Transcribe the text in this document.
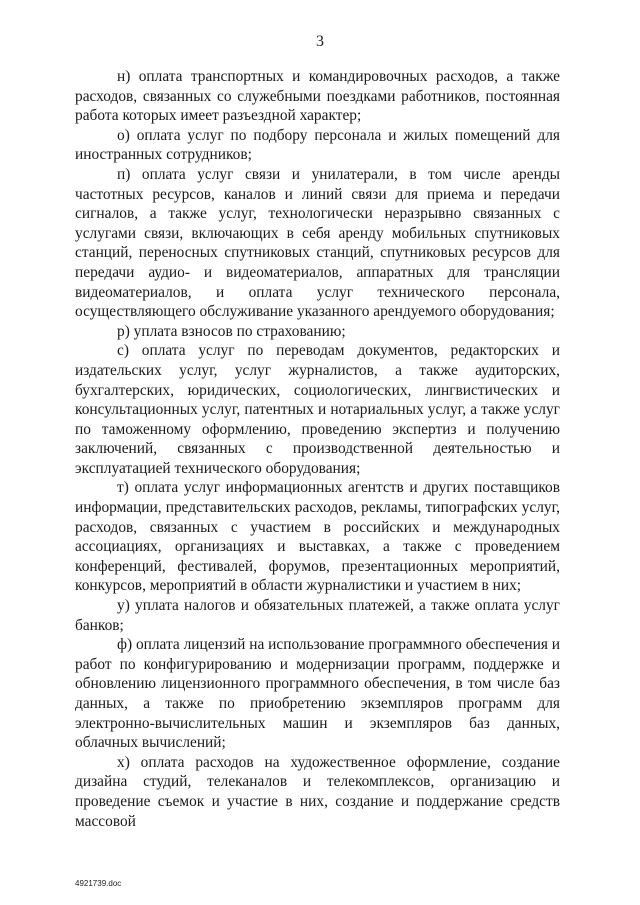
3

н) оплата транспортных и командировочных расходов, а также расходов, связанных со служебными поездками работников, постоянная работа которых имеет разъездной характер;

о) оплата услуг по подбору персонала и жилых помещений для иностранных сотрудников;

п) оплата услуг связи и унилатерали, в том числе аренды частотных ресурсов, каналов и линий связи для приема и передачи сигналов, а также услуг, технологически неразрывно связанных с услугами связи, включающих в себя аренду мобильных спутниковых станций, переносных спутниковых станций, спутниковых ресурсов для передачи аудио- и видеоматериалов, аппаратных для трансляции видеоматериалов, и оплата услуг технического персонала, осуществляющего обслуживание указанного арендуемого оборудования;

р) уплата взносов по страхованию;

с) оплата услуг по переводам документов, редакторских и издательских услуг, услуг журналистов, а также аудиторских, бухгалтерских, юридических, социологических, лингвистических и консультационных услуг, патентных и нотариальных услуг, а также услуг по таможенному оформлению, проведению экспертиз и получению заключений, связанных с производственной деятельностью и эксплуатацией технического оборудования;

т) оплата услуг информационных агентств и других поставщиков информации, представительских расходов, рекламы, типографских услуг, расходов, связанных с участием в российских и международных ассоциациях, организациях и выставках, а также с проведением конференций, фестивалей, форумов, презентационных мероприятий, конкурсов, мероприятий в области журналистики и участием в них;

у) уплата налогов и обязательных платежей, а также оплата услуг банков;

ф) оплата лицензий на использование программного обеспечения и работ по конфигурированию и модернизации программ, поддержке и обновлению лицензионного программного обеспечения, в том числе баз данных, а также по приобретению экземпляров программ для электронно-вычислительных машин и экземпляров баз данных, облачных вычислений;

х) оплата расходов на художественное оформление, создание дизайна студий, телеканалов и телекомплексов, организацию и проведение съемок и участие в них, создание и поддержание средств массовой

4921739.doc
